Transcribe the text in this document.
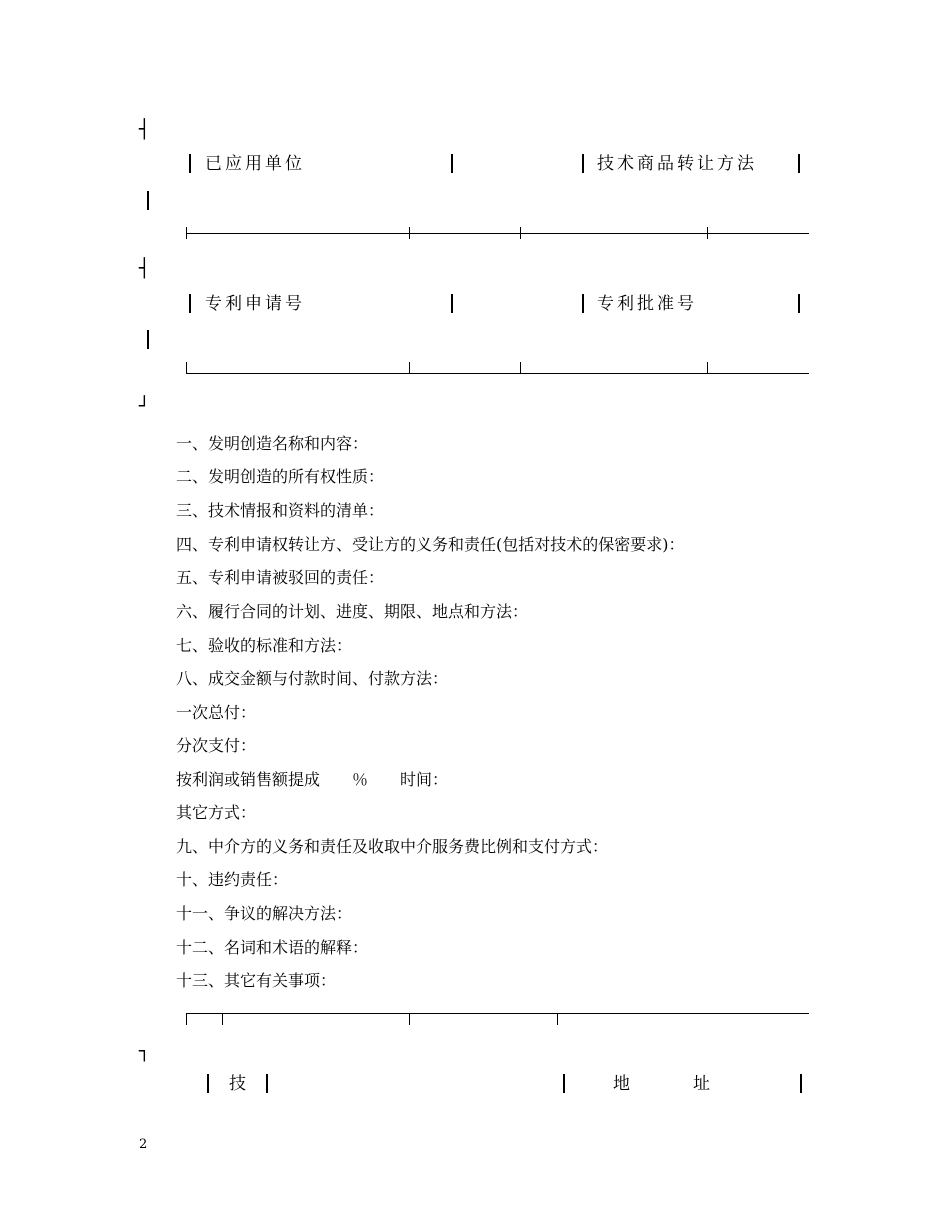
┤
已应用单位	技术商品转让方法
┤
专利申请号	专利批准号
┘
一、发明创造名称和内容：
二、发明创造的所有权性质：
三、技术情报和资料的清单：
四、专利申请权转让方、受让方的义务和责任(包括对技术的保密要求)：
五、专利申请被驳回的责任：
六、履行合同的计划、进度、期限、地点和方法：
七、验收的标准和方法：
八、成交金额与付款时间、付款方法：
一次总付：
分次支付：
按利润或销售额提成　　％　　时间：
其它方式：
九、中介方的义务和责任及收取中介服务费比例和支付方式：
十、违约责任：
十一、争议的解决方法：
十二、名词和术语的解释：
十三、其它有关事项：
┐
技	地　　　址
2
